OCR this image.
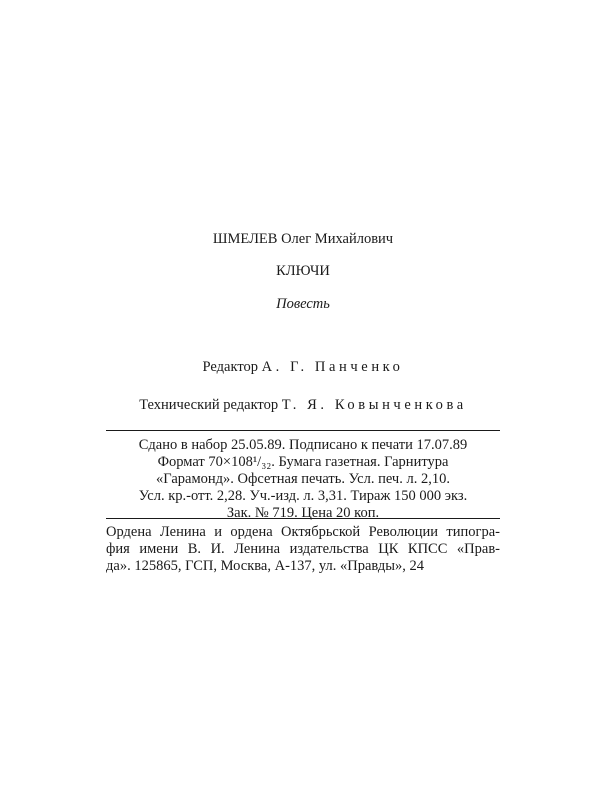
ШМЕЛЕВ Олег Михайлович
КЛЮЧИ
Повесть
Редактор А. Г. Панченко
Технический редактор Т. Я. Ковынченкова
Сдано в набор 25.05.89. Подписано к печати 17.07.89
Формат 70×108¹/₃₂. Бумага газетная. Гарнитура
«Гарамонд». Офсетная печать. Усл. печ. л. 2,10.
Усл. кр.-отт. 2,28. Уч.-изд. л. 3,31. Тираж 150 000 экз.
Зак. № 719. Цена 20 коп.
Ордена Ленина и ордена Октябрьской Революции типогра-
фия имени В. И. Ленина издательства ЦК КПСС «Прав-
да». 125865, ГСП, Москва, А-137, ул. «Правды», 24
